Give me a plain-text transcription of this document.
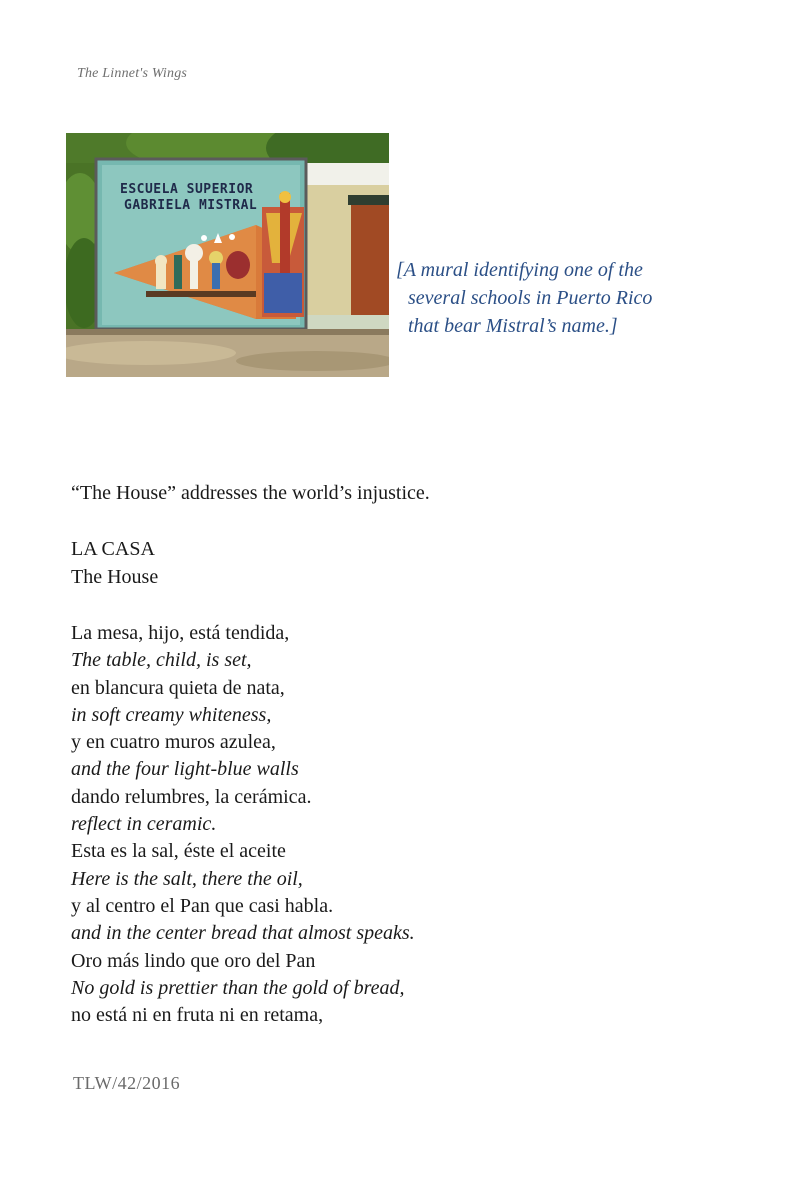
The Linnet's Wings
ESCUELA SUPERIOR
GABRIELA MISTRAL
[A mural identifying one of the
several schools in Puerto Rico
that bear Mistral’s name.]
“The House” addresses the world’s injustice.
LA CASA
The House
La mesa, hijo, está tendida,
The table, child, is set,
en blancura quieta de nata,
in soft creamy whiteness,
y en cuatro muros azulea,
and the four light-blue walls
dando relumbres, la cerámica.
reflect in ceramic.
Esta es la sal, éste el aceite
Here is the salt, there the oil,
y al centro el Pan que casi habla.
and in the center bread that almost speaks.
Oro más lindo que oro del Pan
No gold is prettier than the gold of bread,
no está ni en fruta ni en retama,
TLW/42/2016
